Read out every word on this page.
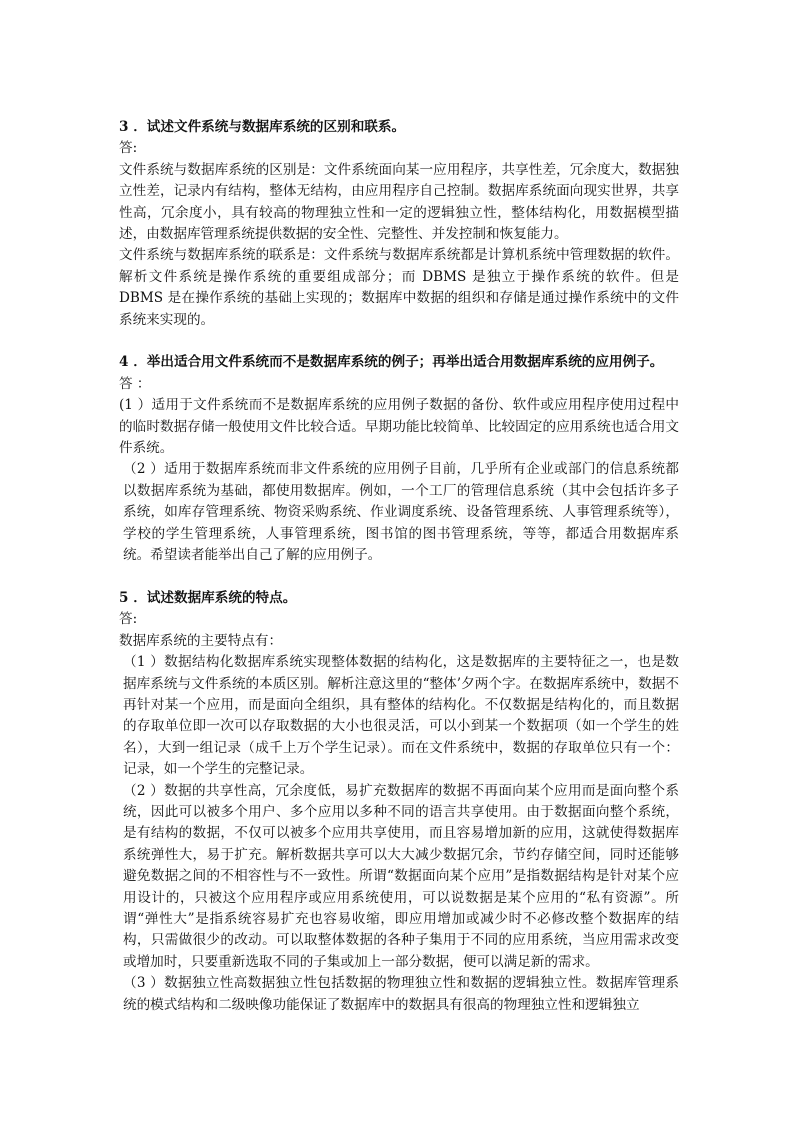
3 ．试述文件系统与数据库系统的区别和联系。

答:

文件系统与数据库系统的区别是：文件系统面向某一应用程序，共享性差，冗余度大，数据独立性差，记录内有结构，整体无结构，由应用程序自己控制。数据库系统面向现实世界，共享性高，冗余度小，具有较高的物理独立性和一定的逻辑独立性，整体结构化，用数据模型描述，由数据库管理系统提供数据的安全性、完整性、并发控制和恢复能力。

文件系统与数据库系统的联系是：文件系统与数据库系统都是计算机系统中管理数据的软件。解析文件系统是操作系统的重要组成部分；而 DBMS 是独立于操作系统的软件。但是 DBMS 是在操作系统的基础上实现的；数据库中数据的组织和存储是通过操作系统中的文件系统来实现的。

4 ．举出适合用文件系统而不是数据库系统的例子；再举出适合用数据库系统的应用例子。

答 ：

(1 ）适用于文件系统而不是数据库系统的应用例子数据的备份、软件或应用程序使用过程中的临时数据存储一般使用文件比较合适。早期功能比较简单、比较固定的应用系统也适合用文件系统。

（2 ）适用于数据库系统而非文件系统的应用例子目前，几乎所有企业或部门的信息系统都以数据库系统为基础，都使用数据库。例如，一个工厂的管理信息系统（其中会包括许多子系统，如库存管理系统、物资采购系统、作业调度系统、设备管理系统、人事管理系统等），学校的学生管理系统，人事管理系统，图书馆的图书管理系统，等等，都适合用数据库系统。希望读者能举出自己了解的应用例子。

5 ．试述数据库系统的特点。

答:

数据库系统的主要特点有：

（1 ）数据结构化数据库系统实现整体数据的结构化，这是数据库的主要特征之一，也是数据库系统与文件系统的本质区别。解析注意这里的“整体’夕两个字。在数据库系统中，数据不再针对某一个应用，而是面向全组织，具有整体的结构化。不仅数据是结构化的，而且数据的存取单位即一次可以存取数据的大小也很灵活，可以小到某一个数据项（如一个学生的姓名），大到一组记录（成千上万个学生记录）。而在文件系统中，数据的存取单位只有一个：记录，如一个学生的完整记录。

（2 ）数据的共享性高，冗余度低，易扩充数据库的数据不再面向某个应用而是面向整个系统，因此可以被多个用户、多个应用以多种不同的语言共享使用。由于数据面向整个系统，是有结构的数据，不仅可以被多个应用共享使用，而且容易增加新的应用，这就使得数据库系统弹性大，易于扩充。解析数据共享可以大大减少数据冗余，节约存储空间，同时还能够避免数据之间的不相容性与不一致性。所谓“数据面向某个应用”是指数据结构是针对某个应用设计的，只被这个应用程序或应用系统使用，可以说数据是某个应用的“私有资源”。所谓“弹性大”是指系统容易扩充也容易收缩，即应用增加或减少时不必修改整个数据库的结构，只需做很少的改动。可以取整体数据的各种子集用于不同的应用系统，当应用需求改变或增加时，只要重新选取不同的子集或加上一部分数据，便可以满足新的需求。

（3 ）数据独立性高数据独立性包括数据的物理独立性和数据的逻辑独立性。数据库管理系统的模式结构和二级映像功能保证了数据库中的数据具有很高的物理独立性和逻辑独立
